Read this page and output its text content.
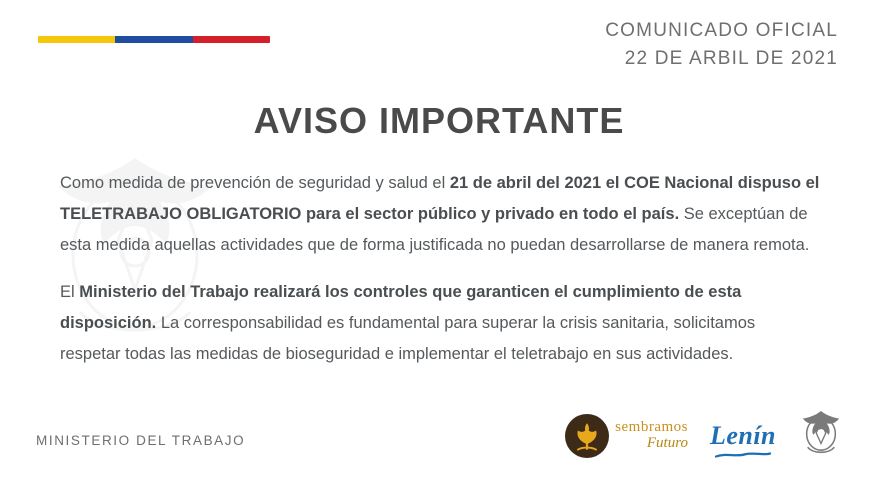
COMUNICADO OFICIAL
22 DE ARBIL DE 2021
AVISO IMPORTANTE

Como medida de prevención de seguridad y salud el 21 de abril del 2021 el COE Nacional dispuso el TELETRABAJO OBLIGATORIO para el sector público y privado en todo el país. Se exceptúan de esta medida aquellas actividades que de forma justificada no puedan desarrollarse de manera remota.

El Ministerio del Trabajo realizará los controles que garanticen el cumplimiento de esta disposición. La corresponsabilidad es fundamental para superar la crisis sanitaria, solicitamos respetar todas las medidas de bioseguridad e implementar el teletrabajo en sus actividades.

MINISTERIO DEL TRABAJO
sembramos
Futuro Lenín
